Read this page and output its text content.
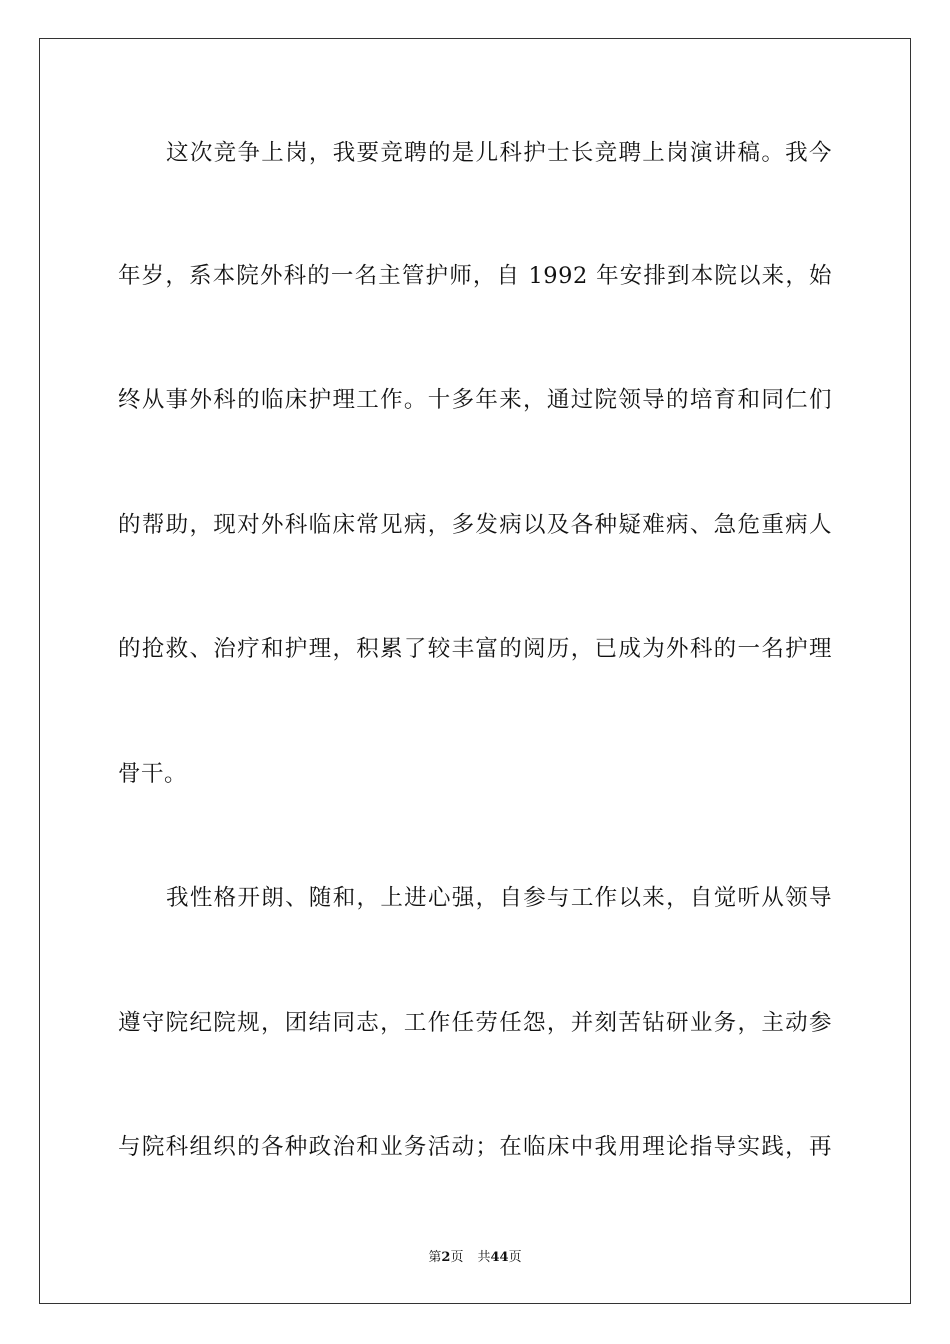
这次竞争上岗，我要竞聘的是儿科护士长竞聘上岗演讲稿。我今
年岁，系本院外科的一名主管护师，自 1992 年安排到本院以来，始
终从事外科的临床护理工作。十多年来，通过院领导的培育和同仁们
的帮助，现对外科临床常见病，多发病以及各种疑难病、急危重病人
的抢救、治疗和护理，积累了较丰富的阅历，已成为外科的一名护理
骨干。
我性格开朗、随和，上进心强，自参与工作以来，自觉听从领导
遵守院纪院规，团结同志，工作任劳任怨，并刻苦钻研业务，主动参
与院科组织的各种政治和业务活动；在临床中我用理论指导实践，再
第2页 共44页
